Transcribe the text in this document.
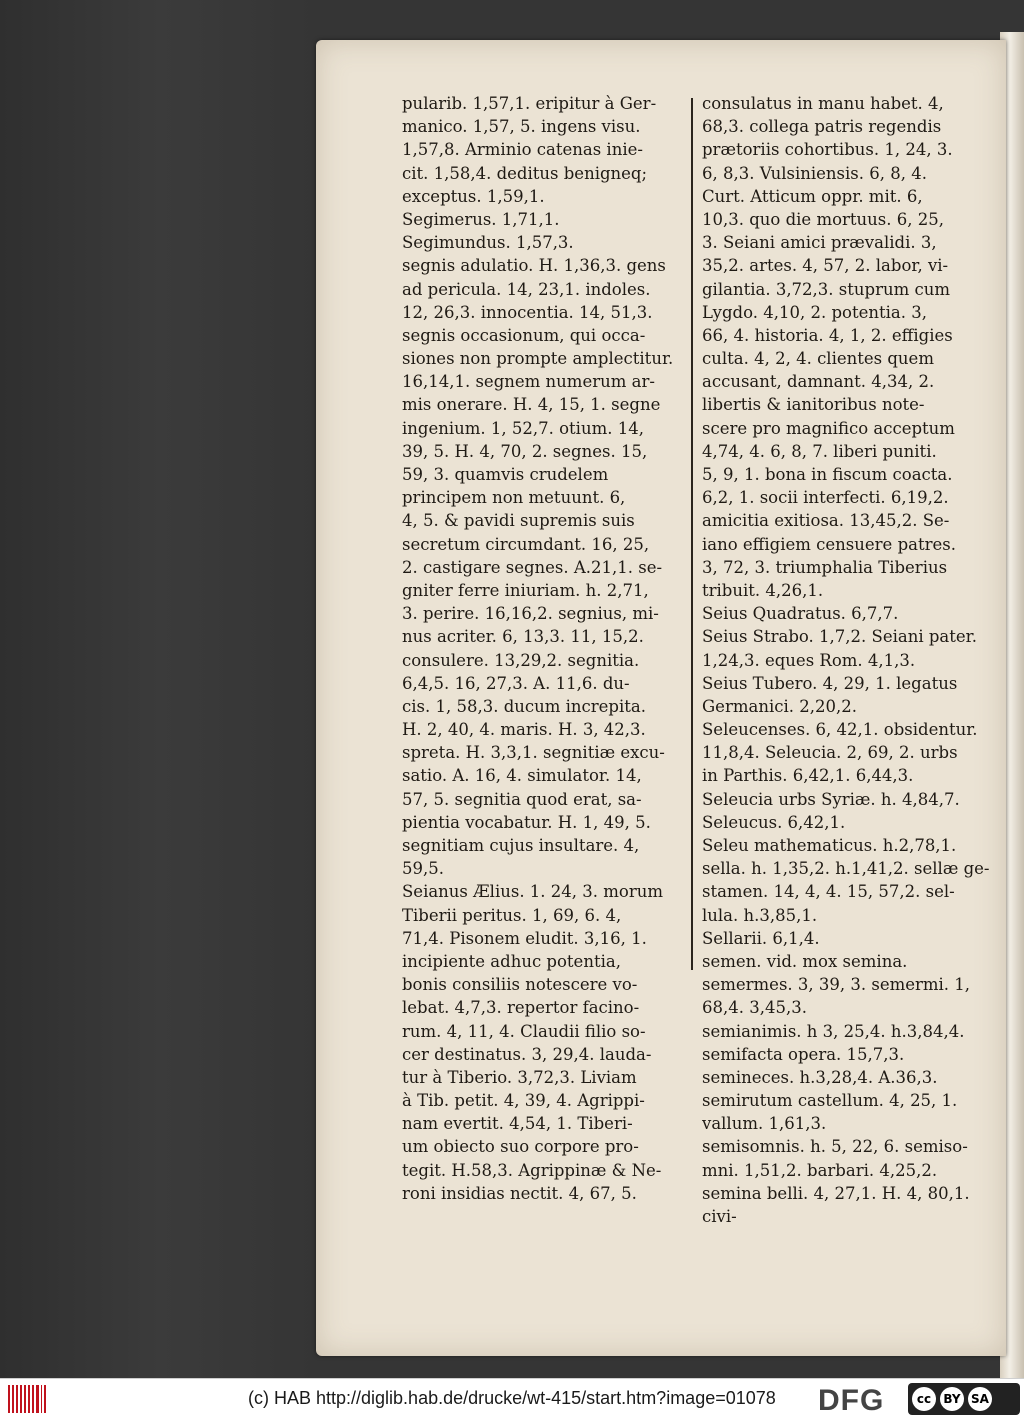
pularib. 1,57,1. eripitur à Ger-
manico. 1,57, 5. ingens visu.
1,57,8. Arminio catenas inie-
cit. 1,58,4. deditus benigneq;
exceptus. 1,59,1.
Segimerus. 1,71,1.
Segimundus. 1,57,3.
segnis adulatio. H. 1,36,3. gens
ad pericula. 14, 23,1. indoles.
12, 26,3. innocentia. 14, 51,3.
segnis occasionum, qui occa-
siones non prompte amplectitur.
16,14,1. segnem numerum ar-
mis onerare. H. 4, 15, 1. segne
ingenium. 1, 52,7. otium. 14,
39, 5. H. 4, 70, 2. segnes. 15,
59, 3. quamvis crudelem
principem non metuunt. 6,
4, 5. & pavidi supremis suis
secretum circumdant. 16, 25,
2. castigare segnes. A.21,1. se-
gniter ferre iniuriam. h. 2,71,
3. perire. 16,16,2. segnius, mi-
nus acriter. 6, 13,3. 11, 15,2.
consulere. 13,29,2. segnitia.
6,4,5. 16, 27,3. A. 11,6. du-
cis. 1, 58,3. ducum increpita.
H. 2, 40, 4. maris. H. 3, 42,3.
spreta. H. 3,3,1. segnitiæ excu-
satio. A. 16, 4. simulator. 14,
57, 5. segnitia quod erat, sa-
pientia vocabatur. H. 1, 49, 5.
segnitiam cujus insultare. 4,
59,5.
Seianus Ælius. 1. 24, 3. morum
Tiberii peritus. 1, 69, 6. 4,
71,4. Pisonem eludit. 3,16, 1.
incipiente adhuc potentia,
bonis consiliis notescere vo-
lebat. 4,7,3. repertor facino-
rum. 4, 11, 4. Claudii filio so-
cer destinatus. 3, 29,4. lauda-
tur à Tiberio. 3,72,3. Liviam
à Tib. petit. 4, 39, 4. Agrippi-
nam evertit. 4,54, 1. Tiberi-
um obiecto suo corpore pro-
tegit. H.58,3. Agrippinæ & Ne-
roni insidias nectit. 4, 67, 5.
consulatus in manu habet. 4,
68,3. collega patris regendis
prætoriis cohortibus. 1, 24, 3.
6, 8,3. Vulsiniensis. 6, 8, 4.
Curt. Atticum oppr. mit. 6,
10,3. quo die mortuus. 6, 25,
3. Seiani amici prævalidi. 3,
35,2. artes. 4, 57, 2. labor, vi-
gilantia. 3,72,3. stuprum cum
Lygdo. 4,10, 2. potentia. 3,
66, 4. historia. 4, 1, 2. effigies
culta. 4, 2, 4. clientes quem
accusant, damnant. 4,34, 2.
libertis & ianitoribus note-
scere pro magnifico acceptum
4,74, 4. 6, 8, 7. liberi puniti.
5, 9, 1. bona in fiscum coacta.
6,2, 1. socii interfecti. 6,19,2.
amicitia exitiosa. 13,45,2. Se-
iano effigiem censuere patres.
3, 72, 3. triumphalia Tiberius
tribuit. 4,26,1.
Seius Quadratus. 6,7,7.
Seius Strabo. 1,7,2. Seiani pater.
1,24,3. eques Rom. 4,1,3.
Seius Tubero. 4, 29, 1. legatus
Germanici. 2,20,2.
Seleucenses. 6, 42,1. obsidentur.
11,8,4. Seleucia. 2, 69, 2. urbs
in Parthis. 6,42,1. 6,44,3.
Seleucia urbs Syriæ. h. 4,84,7.
Seleucus. 6,42,1.
Seleu mathematicus. h.2,78,1.
sella. h. 1,35,2. h.1,41,2. sellæ ge-
stamen. 14, 4, 4. 15, 57,2. sel-
lula. h.3,85,1.
Sellarii. 6,1,4.
semen. vid. mox semina.
semermes. 3, 39, 3. semermi. 1,
68,4. 3,45,3.
semianimis. h 3, 25,4. h.3,84,4.
semifacta opera. 15,7,3.
semineces. h.3,28,4. A.36,3.
semirutum castellum. 4, 25, 1.
vallum. 1,61,3.
semisomnis. h. 5, 22, 6. semiso-
mni. 1,51,2. barbari. 4,25,2.
semina belli. 4, 27,1. H. 4, 80,1.
civi-
(c) HAB http://diglib.hab.de/drucke/wt-415/start.htm?image=01078 DFG	cc	BY SA
